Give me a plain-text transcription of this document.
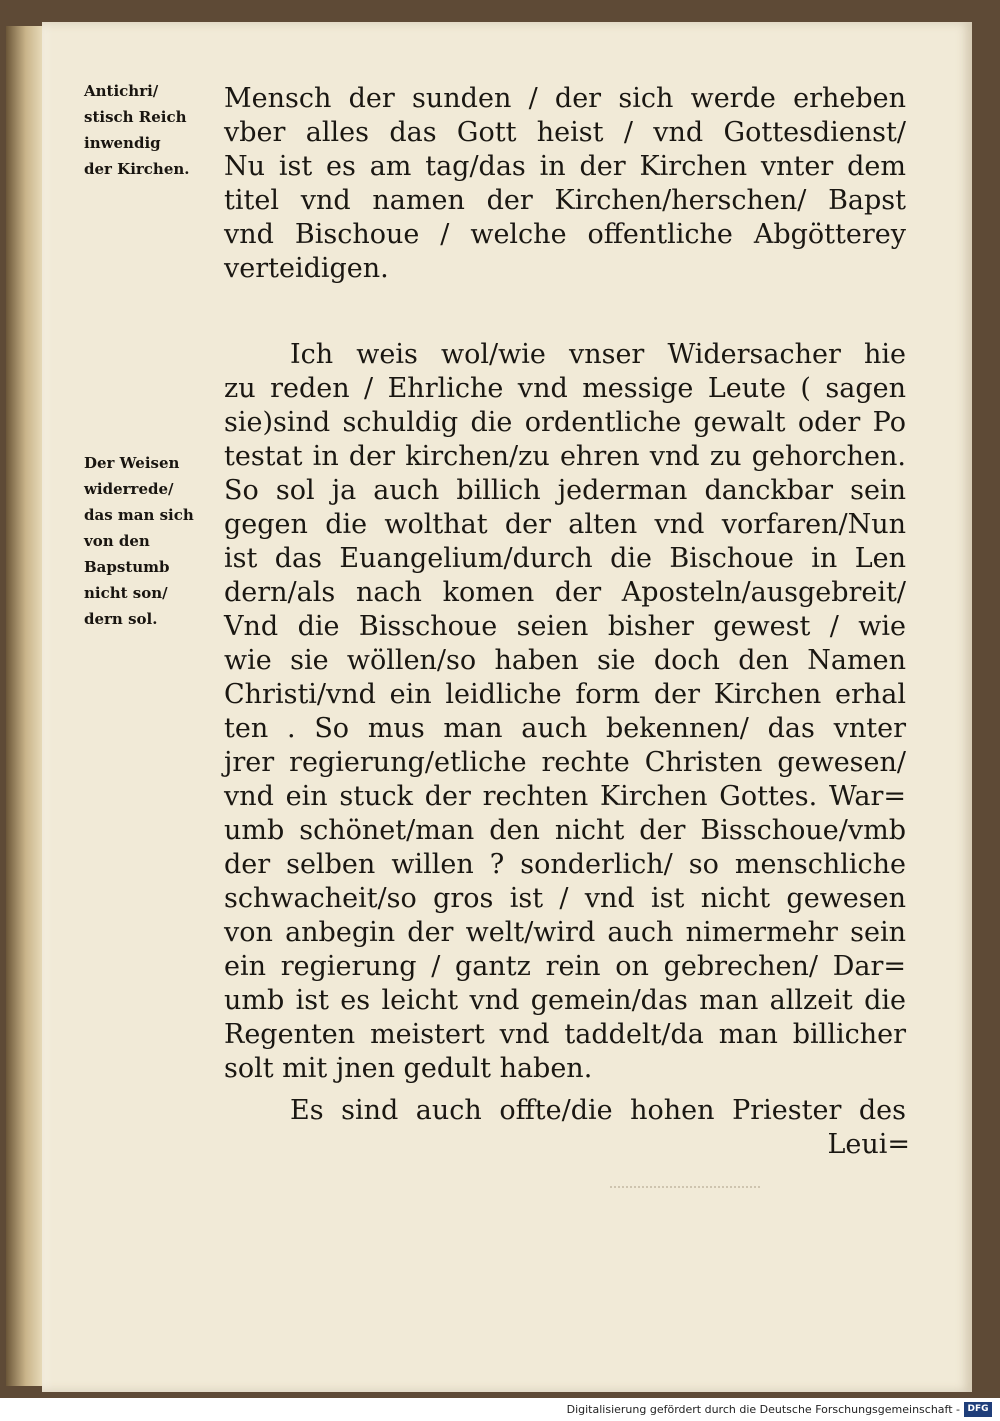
Antichri/
stisch Reich
inwendig
der Kirchen.
Der Weisen
widerrede/
das man sich
von den
Bapstumb
nicht son/
dern sol.
Mensch der sunden / der sich werde erheben
vber alles das Gott heist / vnd Gottesdienst/
Nu ist es am tag/das in der Kirchen vnter dem
titel vnd namen der Kirchen/herschen/ Bapst
vnd Bischoue / welche offentliche Abgötterey
verteidigen.
Ich weis wol/wie vnser Widersacher hie
zu reden / Ehrliche vnd messige Leute ( sagen
sie)sind schuldig die ordentliche gewalt oder Po
testat in der kirchen/zu ehren vnd zu gehorchen.
So sol ja auch billich jederman danckbar sein
gegen die wolthat der alten vnd vorfaren/Nun
ist das Euangelium/durch die Bischoue in Len
dern/als nach komen der Aposteln/ausgebreit/
Vnd die Bisschoue seien bisher gewest / wie
wie sie wöllen/so haben sie doch den Namen
Christi/vnd ein leidliche form der Kirchen erhal
ten . So mus man auch bekennen/ das vnter
jrer regierung/etliche rechte Christen gewesen/
vnd ein stuck der rechten Kirchen Gottes. War=
umb schönet/man den nicht der Bisschoue/vmb
der selben willen ? sonderlich/ so menschliche
schwacheit/so gros ist / vnd ist nicht gewesen
von anbegin der welt/wird auch nimermehr sein
ein regierung / gantz rein on gebrechen/ Dar=
umb ist es leicht vnd gemein/das man allzeit die
Regenten meistert vnd taddelt/da man billicher
solt mit jnen gedult haben.
Es sind auch offte/die hohen Priester des
Leui=
Digitalisierung gefördert durch die Deutsche Forschungsgemeinschaft - DFG
